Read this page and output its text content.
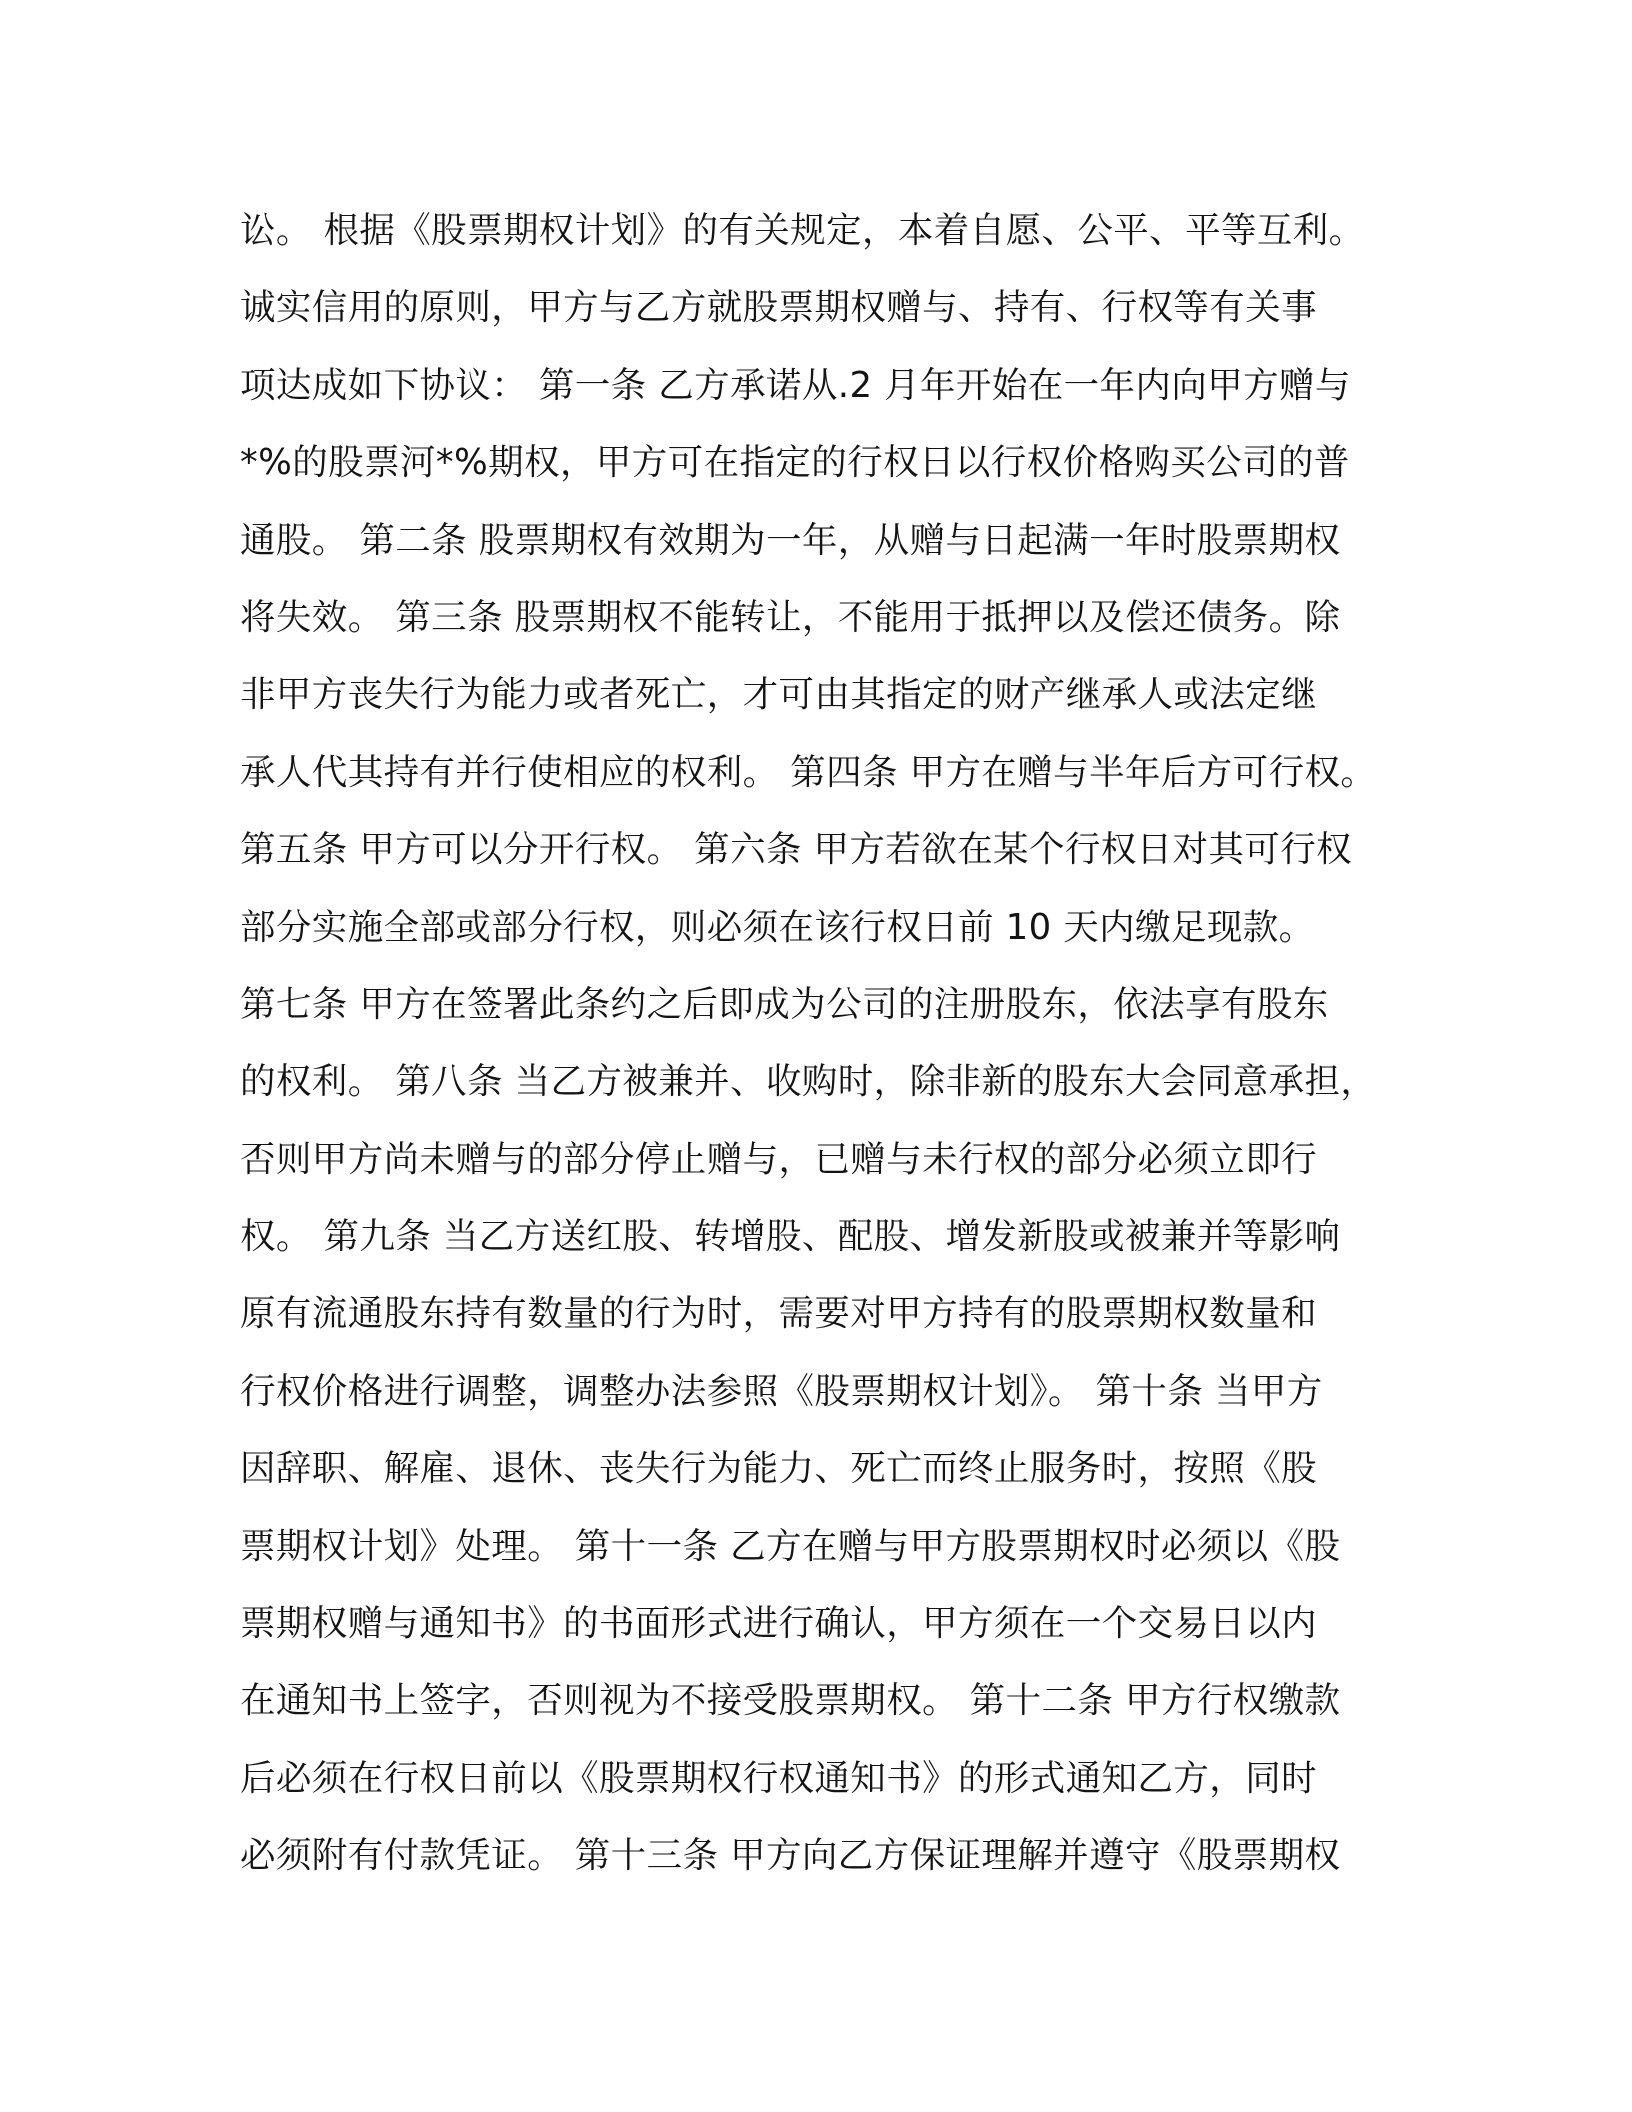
讼。 根据《股票期权计划》的有关规定，本着自愿、公平、平等互利。
诚实信用的原则，甲方与乙方就股票期权赠与、持有、行权等有关事
项达成如下协议： 第一条 乙方承诺从.2 月年开始在一年内向甲方赠与
*%的股票河*%期权，甲方可在指定的行权日以行权价格购买公司的普
通股。 第二条 股票期权有效期为一年，从赠与日起满一年时股票期权
将失效。 第三条 股票期权不能转让，不能用于抵押以及偿还债务。除
非甲方丧失行为能力或者死亡，才可由其指定的财产继承人或法定继
承人代其持有并行使相应的权利。 第四条 甲方在赠与半年后方可行权。
第五条 甲方可以分开行权。 第六条 甲方若欲在某个行权日对其可行权
部分实施全部或部分行权，则必须在该行权日前 10 天内缴足现款。
第七条 甲方在签署此条约之后即成为公司的注册股东，依法享有股东
的权利。 第八条 当乙方被兼并、收购时，除非新的股东大会同意承担，
否则甲方尚未赠与的部分停止赠与，已赠与未行权的部分必须立即行
权。 第九条 当乙方送红股、转增股、配股、增发新股或被兼并等影响
原有流通股东持有数量的行为时，需要对甲方持有的股票期权数量和
行权价格进行调整，调整办法参照《股票期权计划》。 第十条 当甲方
因辞职、解雇、退休、丧失行为能力、死亡而终止服务时，按照《股
票期权计划》处理。 第十一条 乙方在赠与甲方股票期权时必须以《股
票期权赠与通知书》的书面形式进行确认，甲方须在一个交易日以内
在通知书上签字，否则视为不接受股票期权。 第十二条 甲方行权缴款
后必须在行权日前以《股票期权行权通知书》的形式通知乙方，同时
必须附有付款凭证。 第十三条 甲方向乙方保证理解并遵守《股票期权
